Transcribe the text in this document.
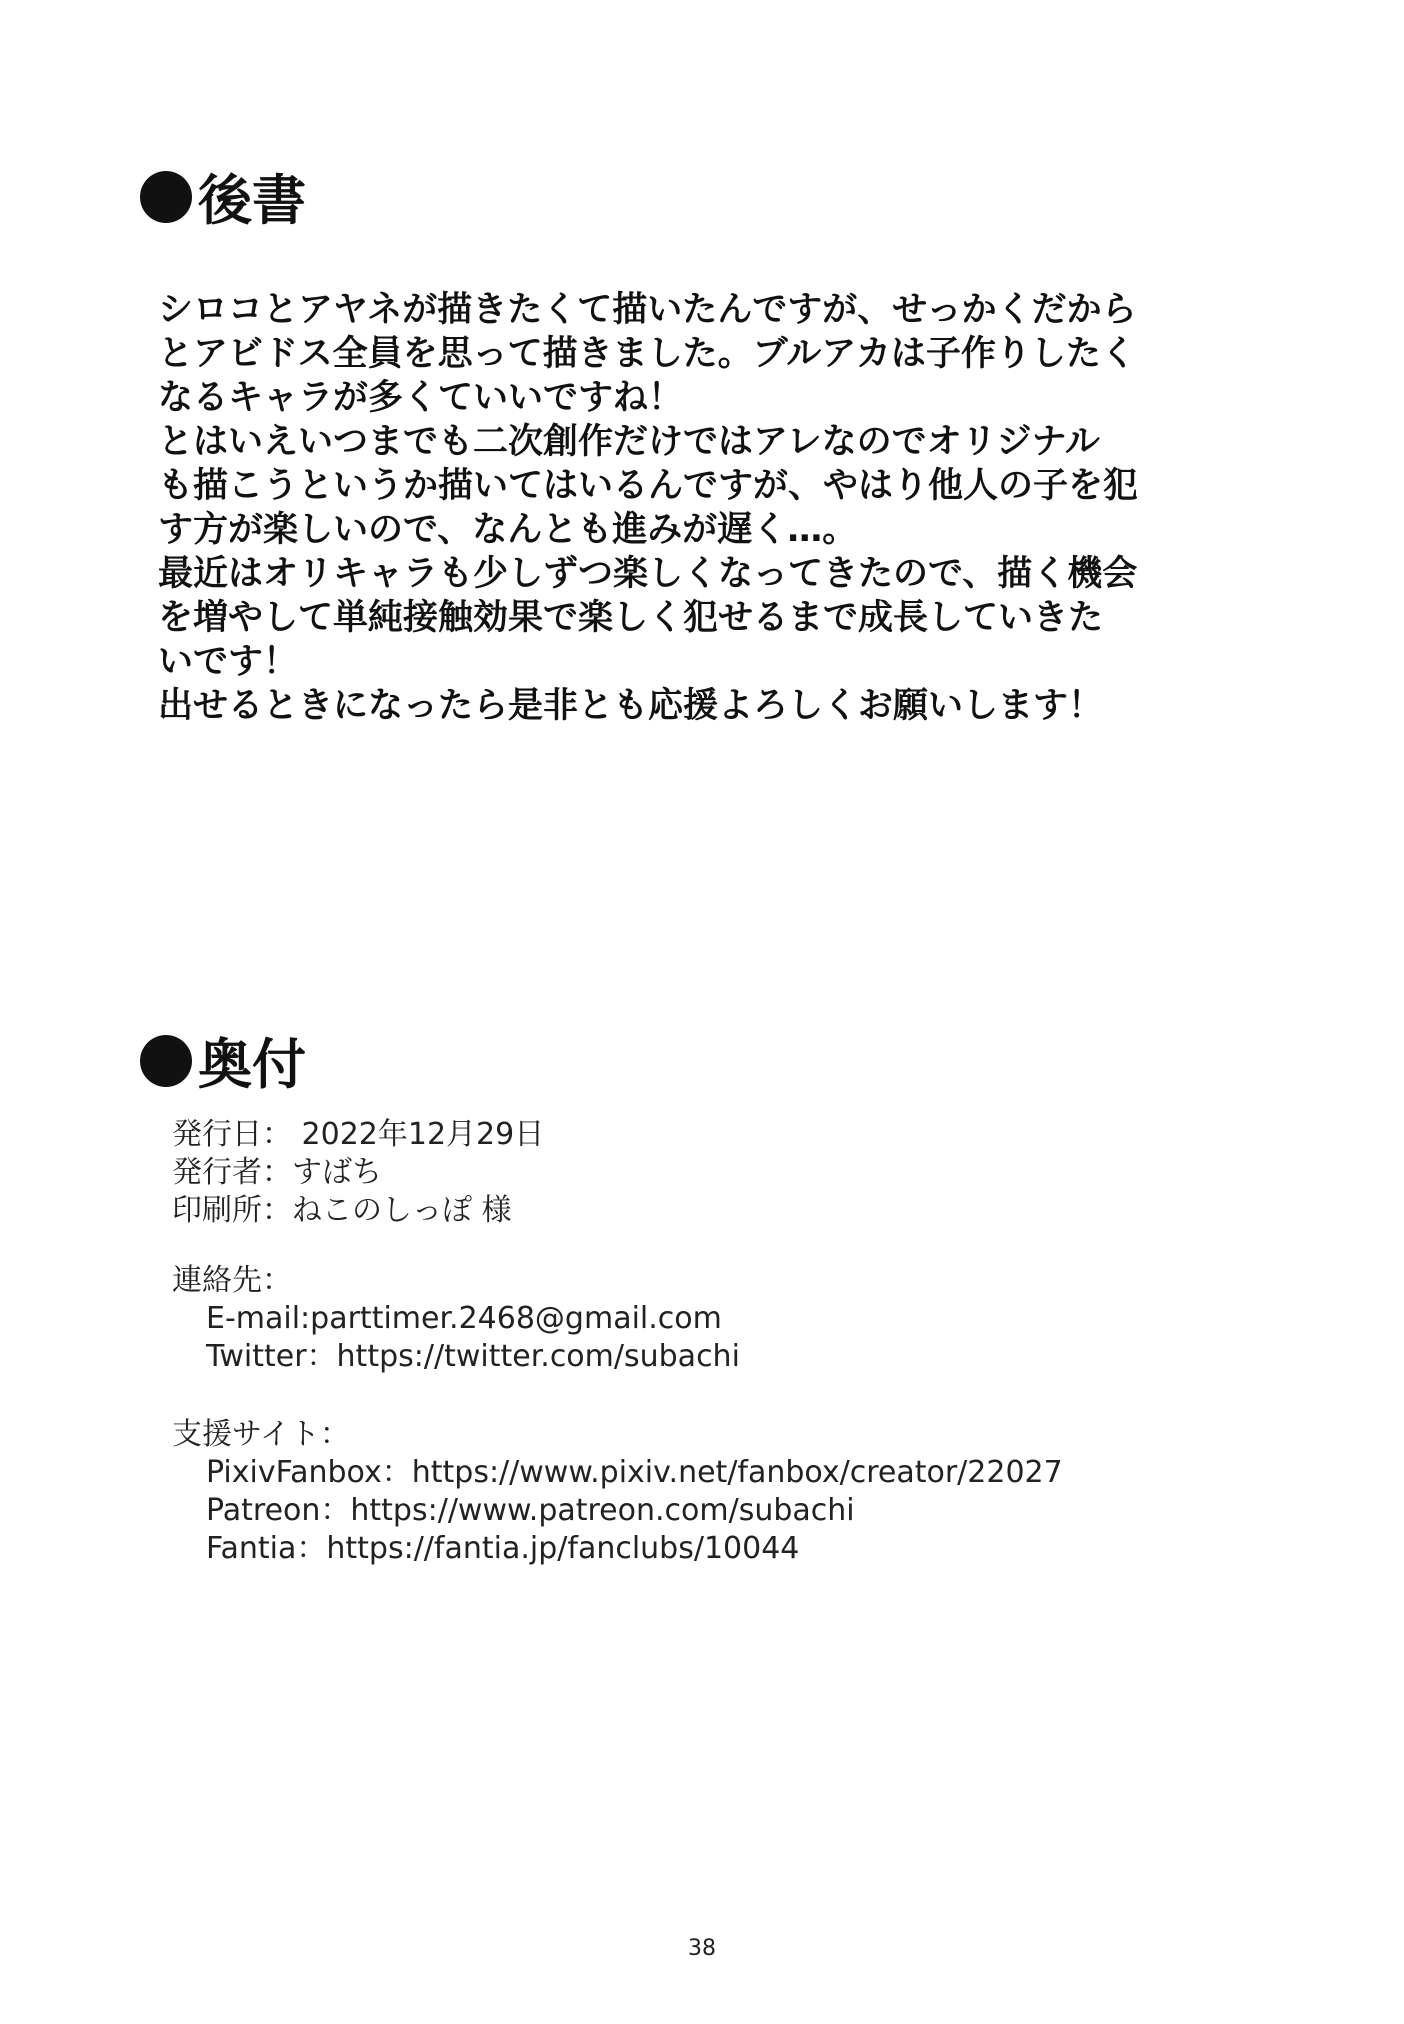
後書
シロコとアヤネが描きたくて描いたんですが、せっかくだから
とアビドス全員を思って描きました。ブルアカは子作りしたく
なるキャラが多くていいですね！
とはいえいつまでも二次創作だけではアレなのでオリジナル
も描こうというか描いてはいるんですが、やはり他人の子を犯
す方が楽しいので、なんとも進みが遅く…。
最近はオリキャラも少しずつ楽しくなってきたので、描く機会
を増やして単純接触効果で楽しく犯せるまで成長していきた
いです！
出せるときになったら是非とも応援よろしくお願いします！
奥付
発行日： 2022年12月29日
発行者：すばち
印刷所：ねこのしっぽ 様
連絡先：
E-mail:parttimer.2468@gmail.com
Twitter：https://twitter.com/subachi
支援サイト：
PixivFanbox：https://www.pixiv.net/fanbox/creator/22027
Patreon：https://www.patreon.com/subachi
Fantia：https://fantia.jp/fanclubs/10044
38
